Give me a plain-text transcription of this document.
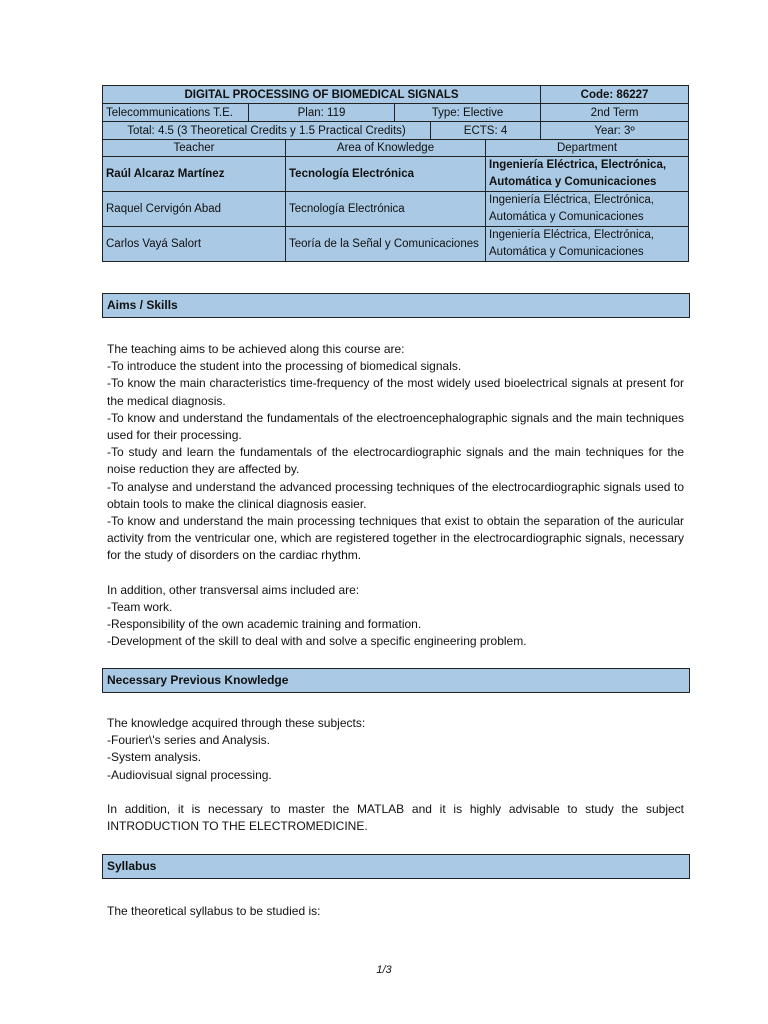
DIGITAL PROCESSING OF BIOMEDICAL SIGNALS						Code: 86227
Telecommunications T.E.	Plan: 119		Type: Elective			2nd Term
Total: 4.5 (3 Theoretical Credits y 1.5 Practical Credits)				ECTS: 4		Year: 3º
Teacher		Area of Knowledge			Department	
Raúl Alcaraz Martínez		Tecnología Electrónica			Ingeniería Eléctrica, Electrónica, Automática y Comunicaciones	
Raquel Cervigón Abad		Tecnología Electrónica			Ingeniería Eléctrica, Electrónica, Automática y Comunicaciones	
Carlos Vayá Salort		Teoría de la Señal y Comunicaciones			Ingeniería Eléctrica, Electrónica, Automática y Comunicaciones	
Aims / Skills

The teaching aims to be achieved along this course are:

-To introduce the student into the processing of biomedical signals.

-To know the main characteristics time-frequency of the most widely used bioelectrical signals at present for the medical diagnosis.

-To know and understand the fundamentals of the electroencephalographic signals and the main techniques used for their processing.

-To study and learn the fundamentals of the electrocardiographic signals and the main techniques for the noise reduction they are affected by.

-To analyse and understand the advanced processing techniques of the electrocardiographic signals used to obtain tools to make the clinical diagnosis easier.

-To know and understand the main processing techniques that exist to obtain the separation of the auricular activity from the ventricular one, which are registered together in the electrocardiographic signals, necessary for the study of disorders on the cardiac rhythm.

In addition, other transversal aims included are:

-Team work.

-Responsibility of the own academic training and formation.

-Development of the skill to deal with and solve a specific engineering problem.

Necessary Previous Knowledge

The knowledge acquired through these subjects:

-Fourier\'s series and Analysis.

-System analysis.

-Audiovisual signal processing.

In addition, it is necessary to master the MATLAB and it is highly advisable to study the subject INTRODUCTION TO THE ELECTROMEDICINE.

Syllabus

The theoretical syllabus to be studied is:

1/3
